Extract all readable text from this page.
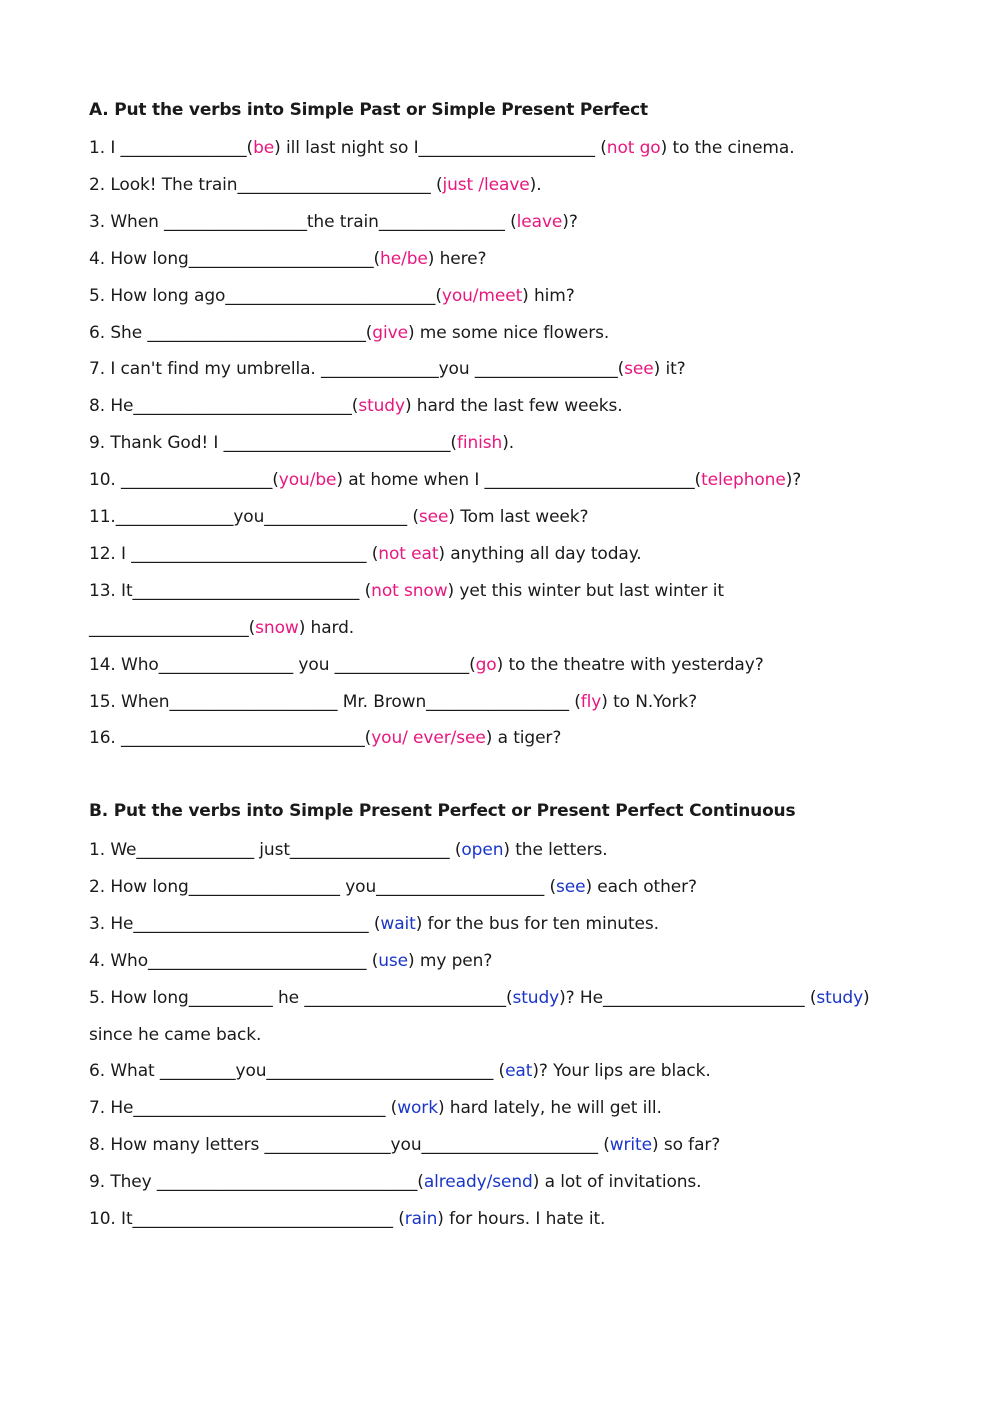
A. Put the verbs into Simple Past or Simple Present Perfect
1. I _______________(be) ill last night so I_____________________ (not go) to the cinema.
2. Look! The train_______________________ (just /leave).
3. When _________________the train_______________ (leave)?
4. How long______________________(he/be) here?
5. How long ago_________________________(you/meet) him?
6. She __________________________(give) me some nice flowers.
7. I can't find my umbrella. ______________you _________________(see) it?
8. He__________________________(study) hard the last few weeks.
9. Thank God! I ___________________________(finish).
10. __________________(you/be) at home when I _________________________(telephone)?
11.______________you_________________ (see) Tom last week?
12. I ____________________________ (not eat) anything all day today.
13. It___________________________ (not snow) yet this winter but last winter it
___________________(snow) hard.
14. Who________________ you ________________(go) to the theatre with yesterday?
15. When____________________ Mr. Brown_________________ (fly) to N.York?
16. _____________________________(you/ ever/see) a tiger?
B. Put the verbs into Simple Present Perfect or Present Perfect Continuous
1. We______________ just___________________ (open) the letters.
2. How long__________________ you____________________ (see) each other?
3. He____________________________ (wait) for the bus for ten minutes.
4. Who__________________________ (use) my pen?
5. How long__________ he ________________________(study)? He________________________ (study)
since he came back.
6. What _________you___________________________ (eat)? Your lips are black.
7. He______________________________ (work) hard lately, he will get ill.
8. How many letters _______________you_____________________ (write) so far?
9. They _______________________________(already/send) a lot of invitations.
10. It_______________________________ (rain) for hours. I hate it.
